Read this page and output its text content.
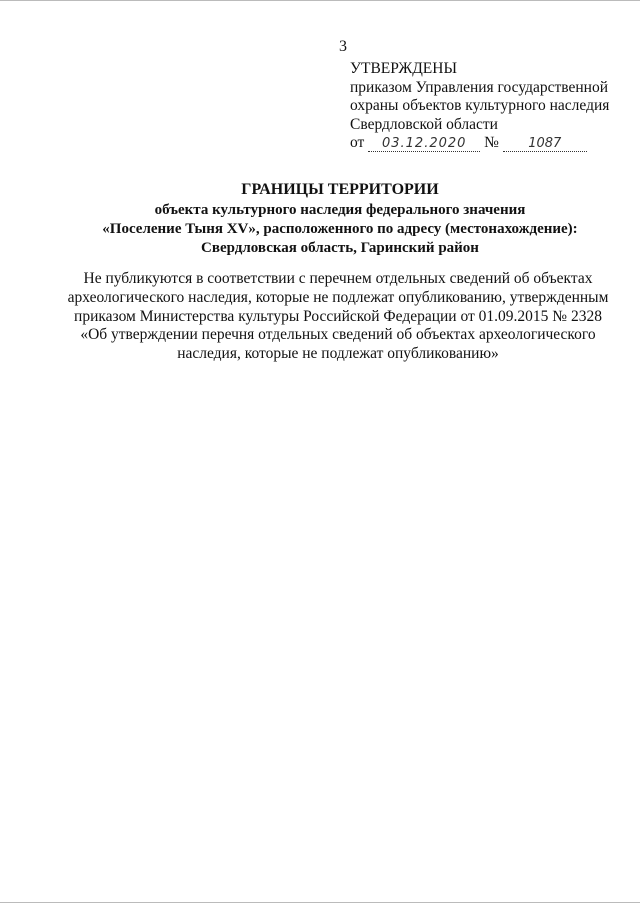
3
УТВЕРЖДЕНЫ
приказом Управления государственной
охраны объектов культурного наследия
Свердловской области
от 03.12.2020 № 1087
ГРАНИЦЫ ТЕРРИТОРИИ
объекта культурного наследия федерального значения
«Поселение Тыня XV», расположенного по адресу (местонахождение):
Свердловская область, Гаринский район
Не публикуются в соответствии с перечнем отдельных сведений об объектах
археологического наследия, которые не подлежат опубликованию, утвержденным
приказом Министерства культуры Российской Федерации от 01.09.2015 № 2328
«Об утверждении перечня отдельных сведений об объектах археологического
наследия, которые не подлежат опубликованию»
